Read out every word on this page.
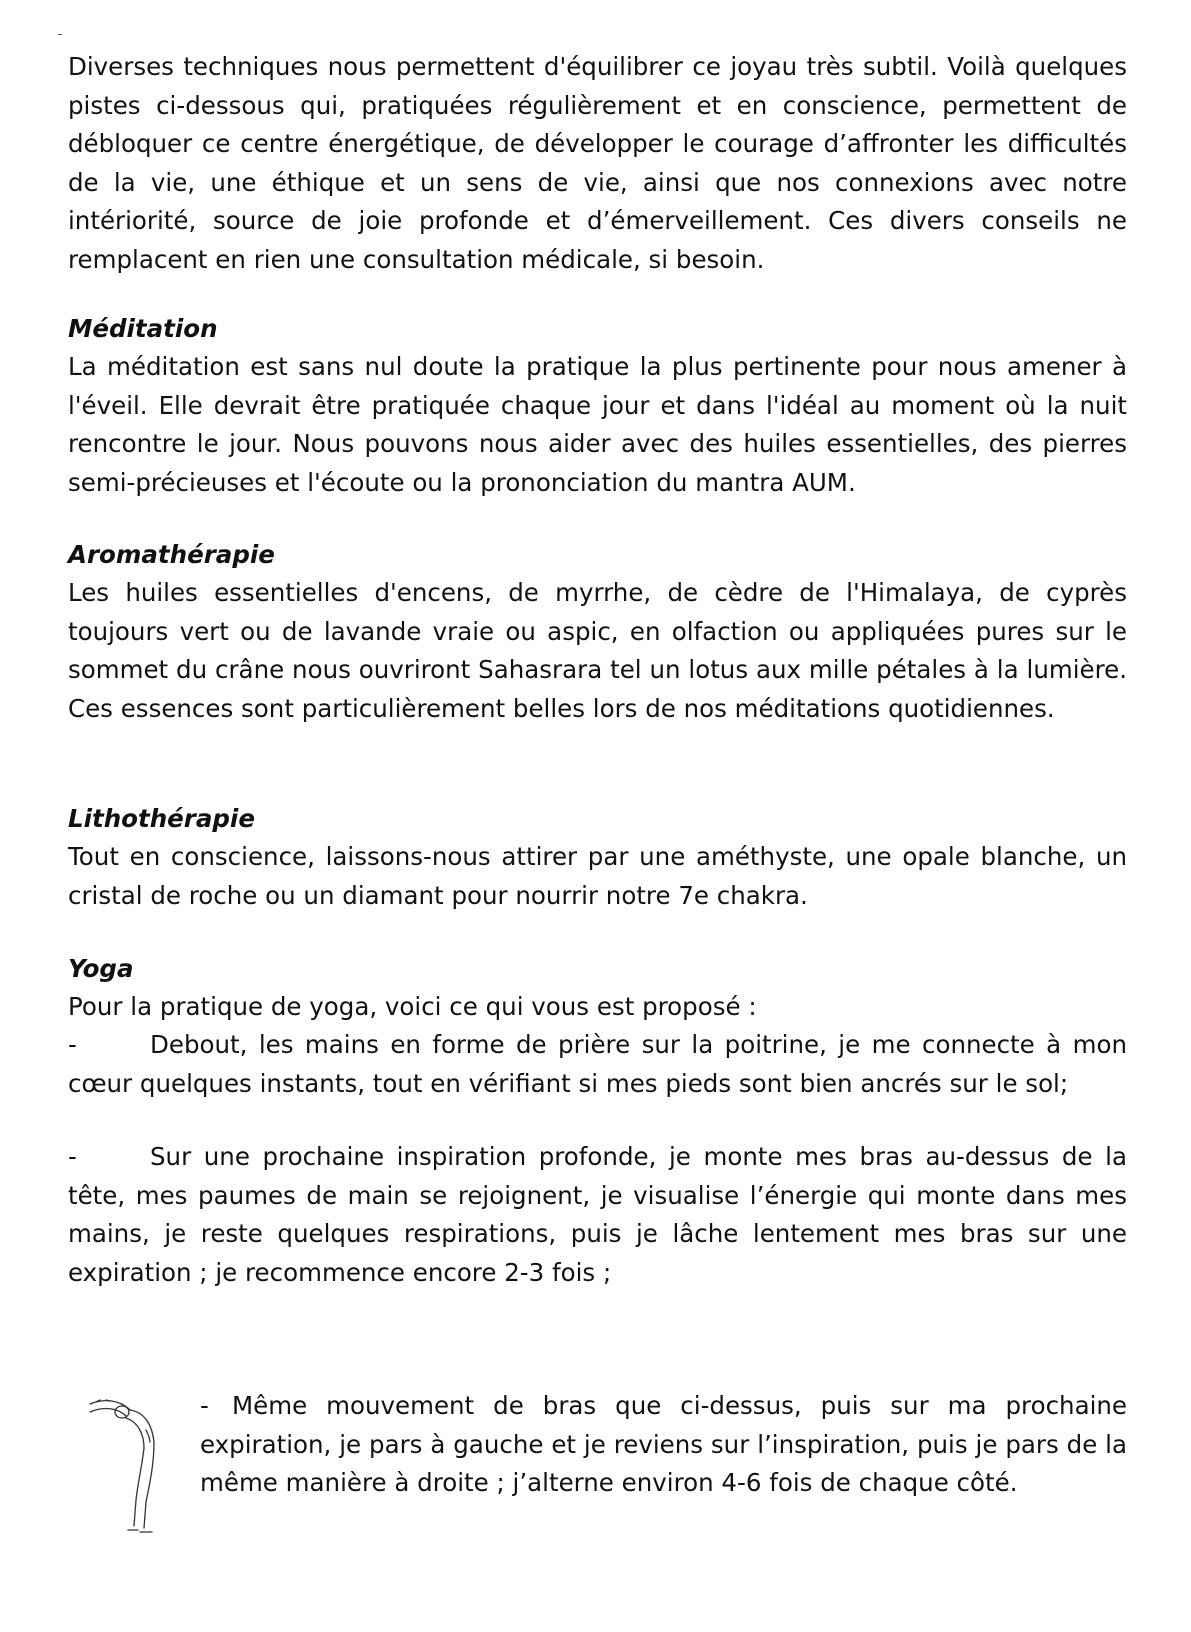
Diverses techniques nous permettent d'équilibrer ce joyau très subtil. Voilà quelques pistes ci-dessous qui, pratiquées régulièrement et en conscience, permettent de débloquer ce centre énergétique, de développer le courage d’affronter les difficultés de la vie, une éthique et un sens de vie, ainsi que nos connexions avec notre intériorité, source de joie profonde et d’émerveillement. Ces divers conseils ne remplacent en rien une consultation médicale, si besoin.

Méditation

La méditation est sans nul doute la pratique la plus pertinente pour nous amener à l'éveil. Elle devrait être pratiquée chaque jour et dans l'idéal au moment où la nuit rencontre le jour. Nous pouvons nous aider avec des huiles essentielles, des pierres semi-précieuses et l'écoute ou la prononciation du mantra AUM.

Aromathérapie

Les huiles essentielles d'encens, de myrrhe, de cèdre de l'Himalaya, de cyprès toujours vert ou de lavande vraie ou aspic, en olfaction ou appliquées pures sur le sommet du crâne nous ouvriront Sahasrara tel un lotus aux mille pétales à la lumière. Ces essences sont particulièrement belles lors de nos méditations quotidiennes.

Lithothérapie

Tout en conscience, laissons-nous attirer par une améthyste, une opale blanche, un cristal de roche ou un diamant pour nourrir notre 7e chakra.

Yoga

Pour la pratique de yoga, voici ce qui vous est proposé :

-	Debout, les mains en forme de prière sur la poitrine, je me connecte à mon cœur quelques instants, tout en vérifiant si mes pieds sont bien ancrés sur le sol;

-	Sur une prochaine inspiration profonde, je monte mes bras au-dessus de la tête, mes paumes de main se rejoignent, je visualise l’énergie qui monte dans mes mains, je reste quelques respirations, puis je lâche lentement mes bras sur une expiration ; je recommence encore 2-3 fois ;

- Même mouvement de bras que ci-dessus, puis sur ma prochaine expiration, je pars à gauche et je reviens sur l’inspiration, puis je pars de la même manière à droite ; j’alterne environ 4-6 fois de chaque côté.
